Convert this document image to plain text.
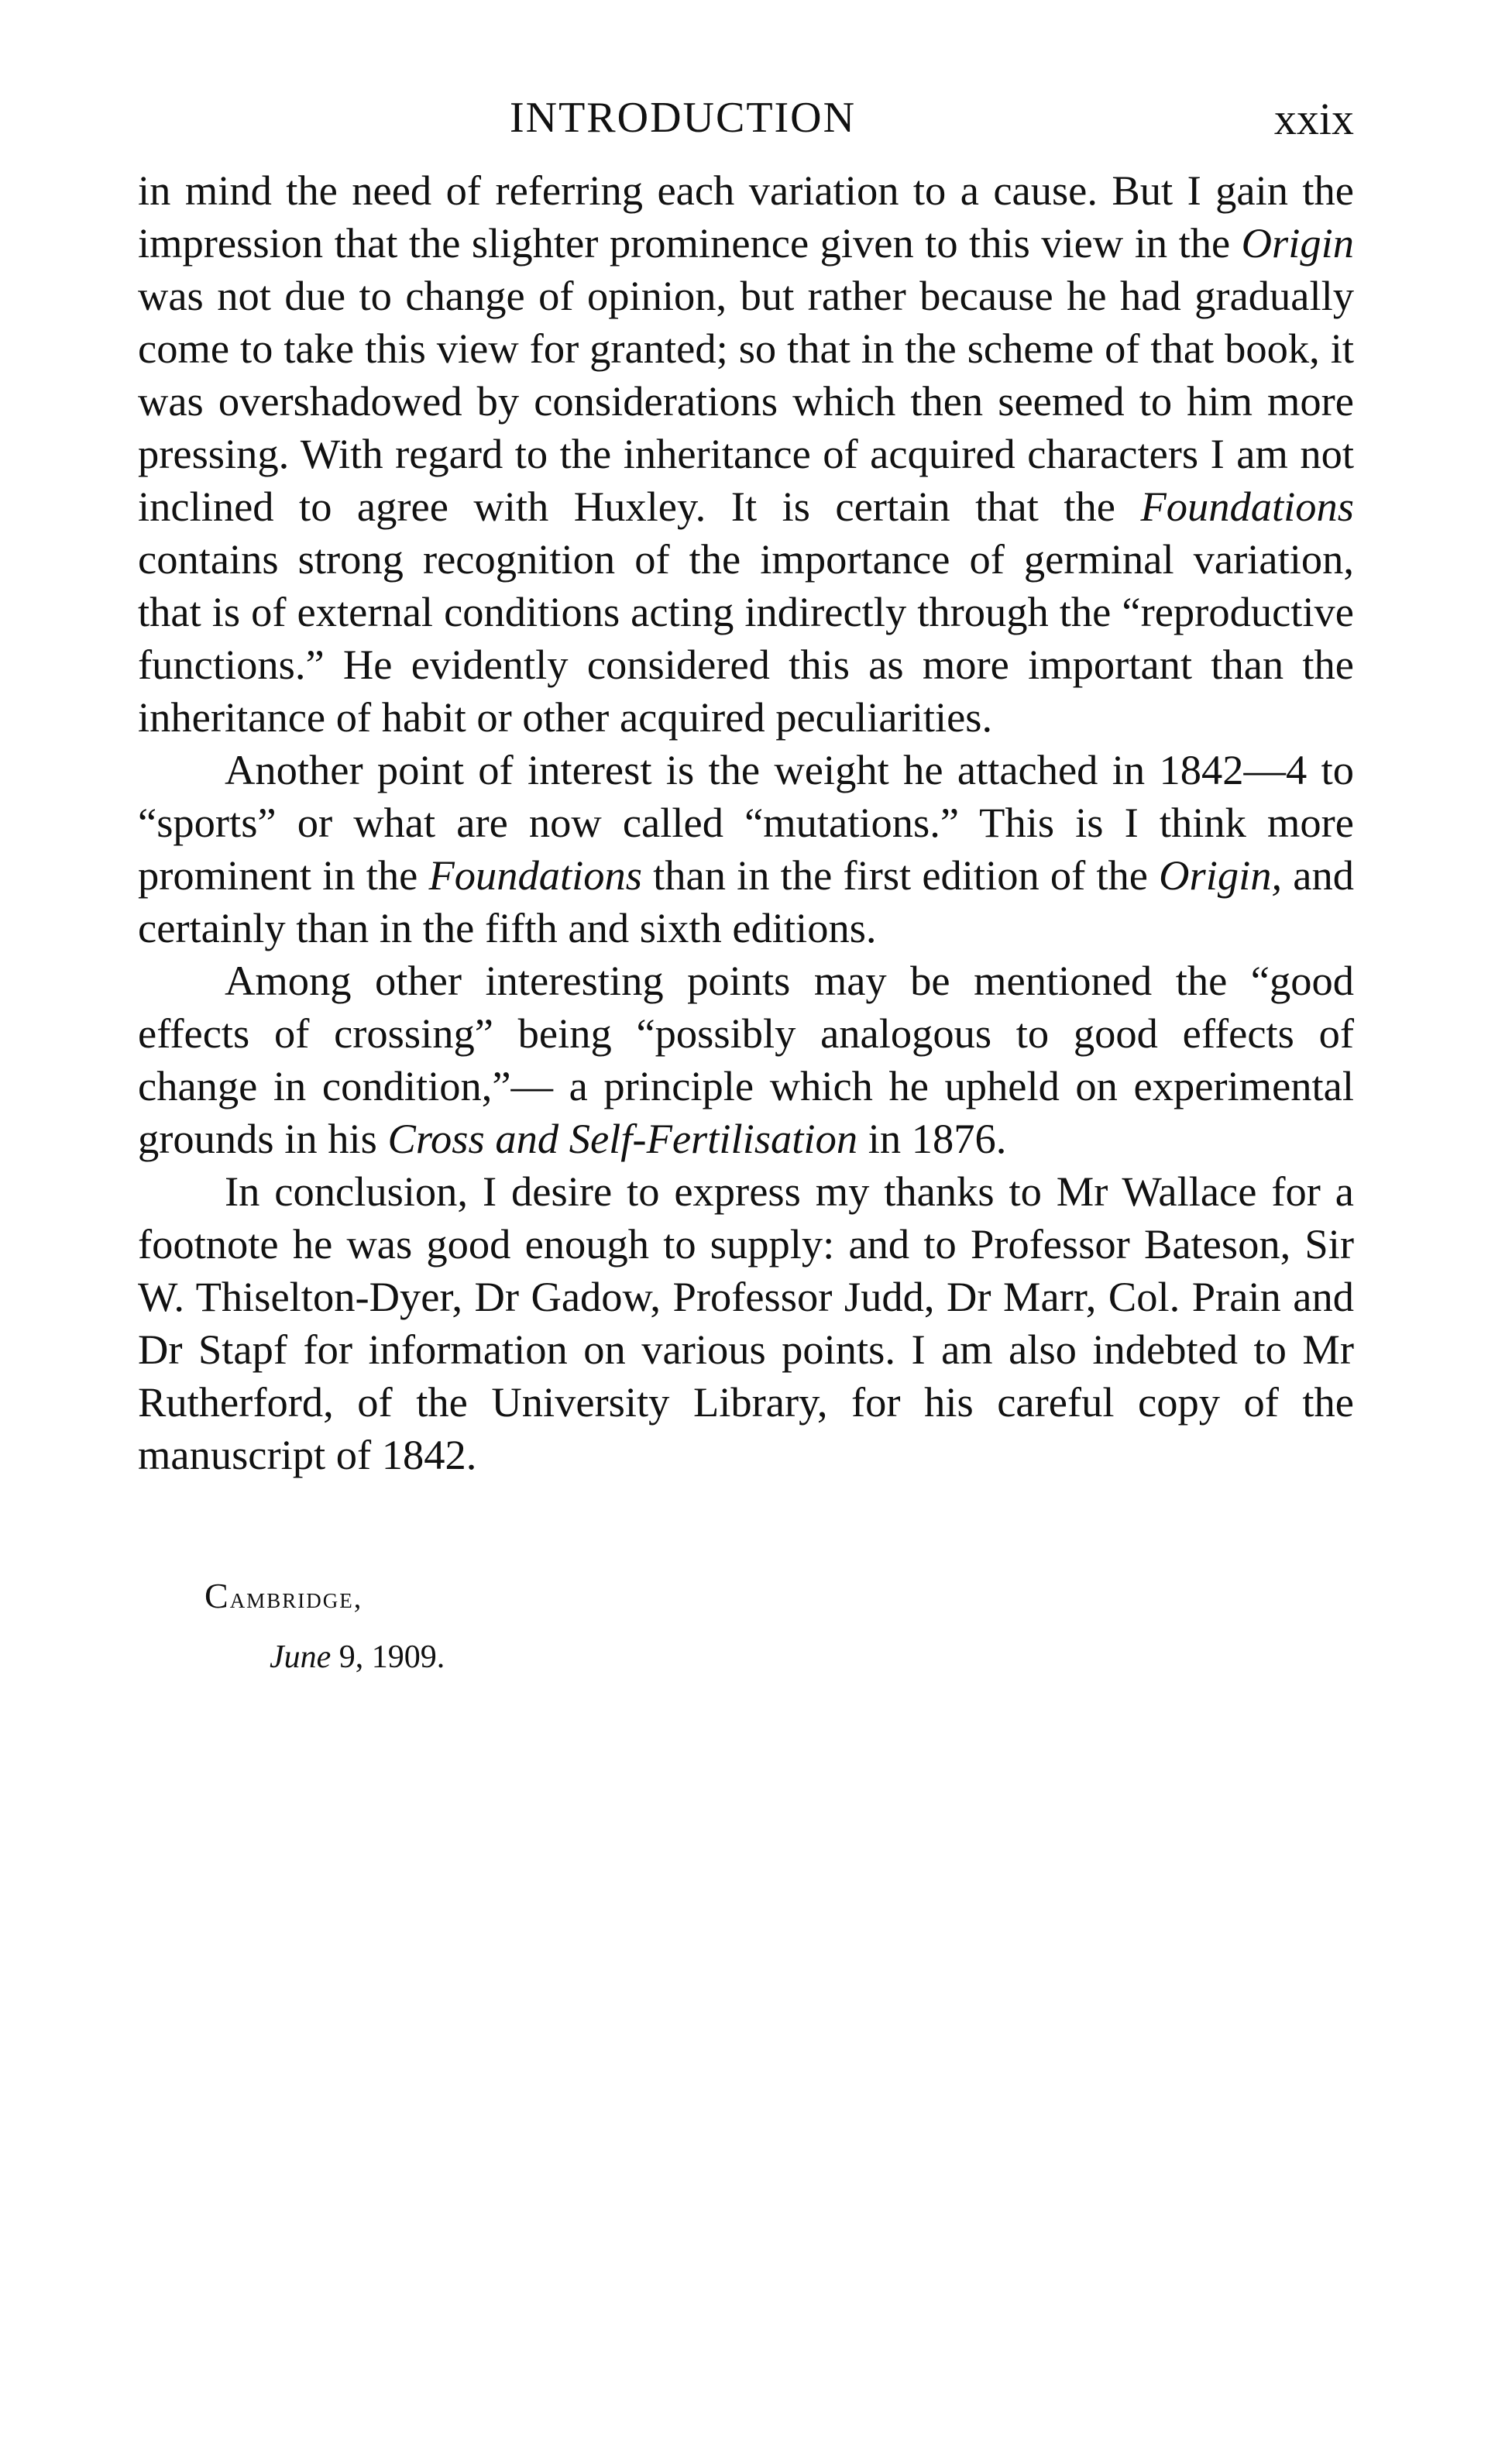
INTRODUCTION	xxix

in mind the need of referring each variation to a cause. But I gain the impression that the slighter prominence given to this view in the Origin was not due to change of opinion, but rather because he had gradually come to take this view for granted; so that in the scheme of that book, it was overshadowed by considerations which then seemed to him more pressing. With regard to the inheritance of acquired characters I am not inclined to agree with Huxley. It is certain that the Foundations contains strong recognition of the importance of germinal variation, that is of external conditions acting indirectly through the “reproductive functions.” He evidently considered this as more important than the inheritance of habit or other acquired peculiarities.

Another point of interest is the weight he attached in 1842—4 to “sports” or what are now called “mutations.” This is I think more prominent in the Foundations than in the first edition of the Origin, and certainly than in the fifth and sixth editions.

Among other interesting points may be mentioned the “good effects of crossing” being “possibly analogous to good effects of change in condition,”— a principle which he upheld on experimental grounds in his Cross and Self-Fertilisation in 1876.

In conclusion, I desire to express my thanks to Mr Wallace for a footnote he was good enough to supply: and to Professor Bateson, Sir W. Thiselton-Dyer, Dr Gadow, Professor Judd, Dr Marr, Col. Prain and Dr Stapf for information on various points. I am also indebted to Mr Rutherford, of the University Library, for his careful copy of the manuscript of 1842.

Cambridge,
June 9, 1909.
